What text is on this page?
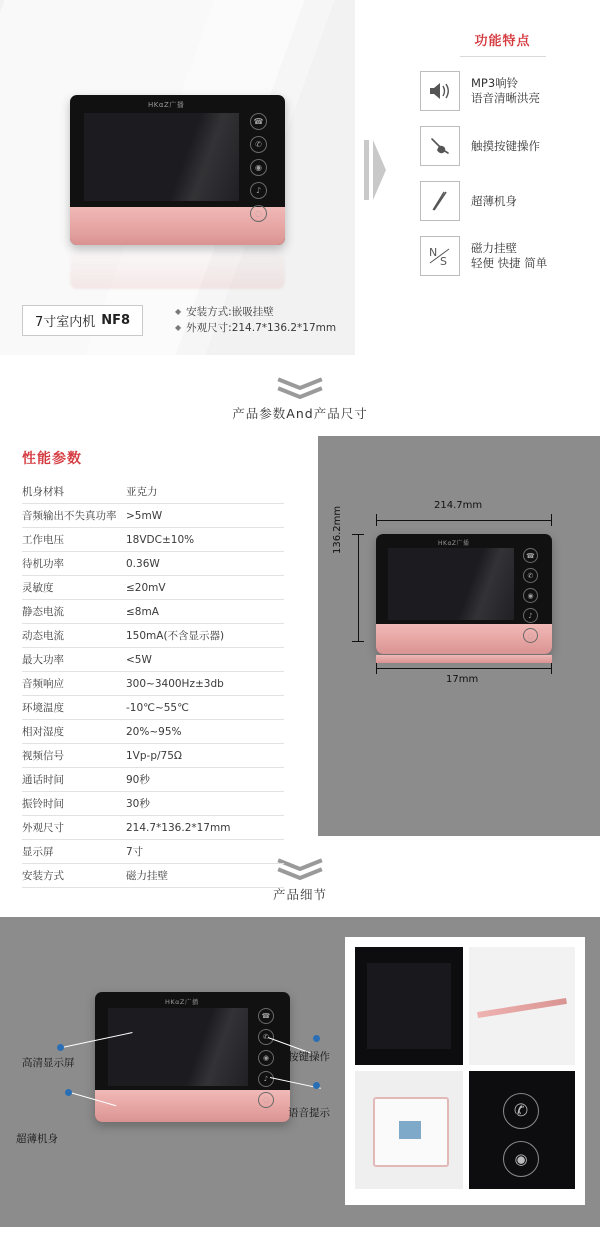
HKαZ广播
☎
✆
◉
♪
◌
7寸室内机 NF8
◆ 安装方式:嵌吸挂壁
◆ 外观尺寸:214.7*136.2*17mm
功能特点
MP3响铃
语音清晰洪亮
触摸按键操作
超薄机身
N
S
磁力挂壁
轻便 快捷 简单
产品参数And产品尺寸
性能参数
机身材料	亚克力
音频输出不失真功率	>5mW
工作电压	18VDC±10%
待机功率	0.36W
灵敏度	≤20mV
静态电流	≤8mA
动态电流	150mA(不含显示器)
最大功率	<5W
音频响应	300~3400Hz±3db
环境温度	-10℃~55℃
相对湿度	20%~95%
视频信号	1Vp-p/75Ω
通话时间	90秒
振铃时间	30秒
外观尺寸	214.7*136.2*17mm
显示屏	7寸
安装方式	磁力挂壁
214.7mm
136.2mm	HKαZ广播
☎
✆
◉
♪
◌
17mm
产品细节
HKαZ广播
☎
✆
◉
♪
◌
高清显示屏
超薄机身
按键操作
语音提示	✆
◉
